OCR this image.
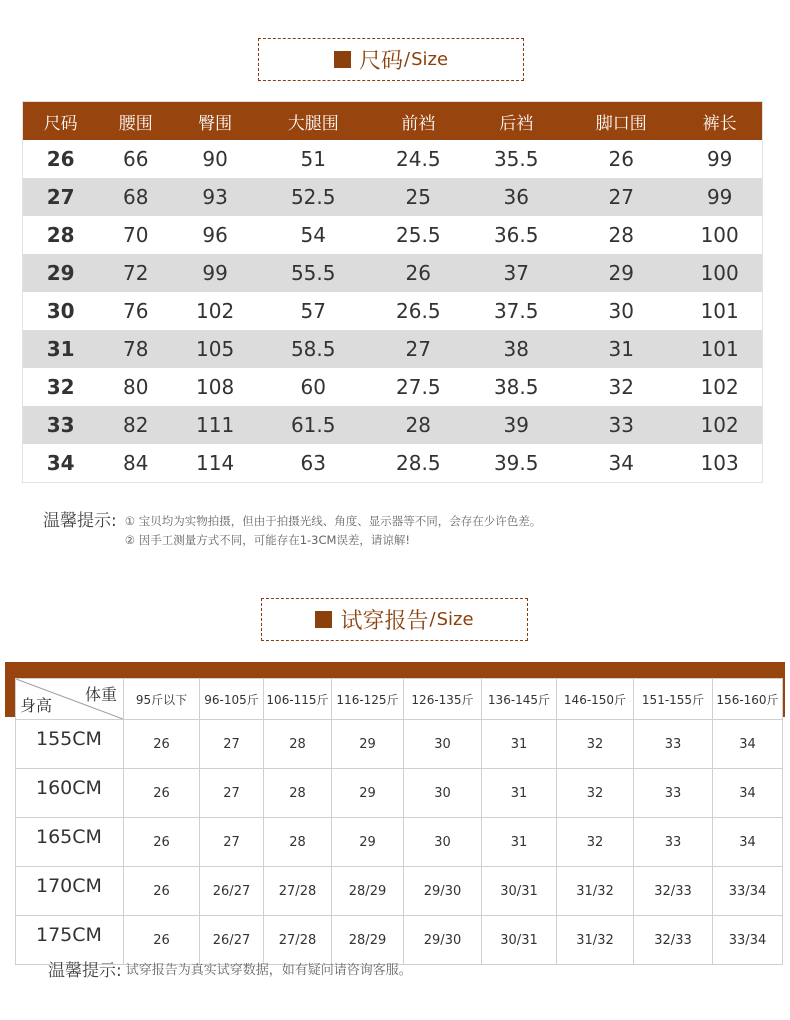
尺码 / Size
尺码	腰围	臀围	大腿围	前裆	后裆	脚口围	裤长
26	66	90	51	24.5	35.5	26	99
27	68	93	52.5	25	36	27	99
28	70	96	54	25.5	36.5	28	100
29	72	99	55.5	26	37	29	100
30	76	102	57	26.5	37.5	30	101
31	78	105	58.5	27	38	31	101
32	80	108	60	27.5	38.5	32	102
33	82	111	61.5	28	39	33	102
34	84	114	63	28.5	39.5	34	103
温馨提示: ① 宝贝均为实物拍摄，但由于拍摄光线、角度、显示器等不同，会存在少许色差。
② 因手工测量方式不同，可能存在1-3CM误差，请谅解!
试穿报告 / Size
体重
身高	95斤以下	96-105斤	106-115斤	116-125斤	126-135斤	136-145斤	146-150斤	151-155斤	156-160斤
155CM	26	27	28	29	30	31	32	33	34
160CM	26	27	28	29	30	31	32	33	34
165CM	26	27	28	29	30	31	32	33	34
170CM	26	26/27	27/28	28/29	29/30	30/31	31/32	32/33	33/34
175CM	26	26/27	27/28	28/29	29/30	30/31	31/32	32/33	33/34
温馨提示: 试穿报告为真实试穿数据，如有疑问请咨询客服。
